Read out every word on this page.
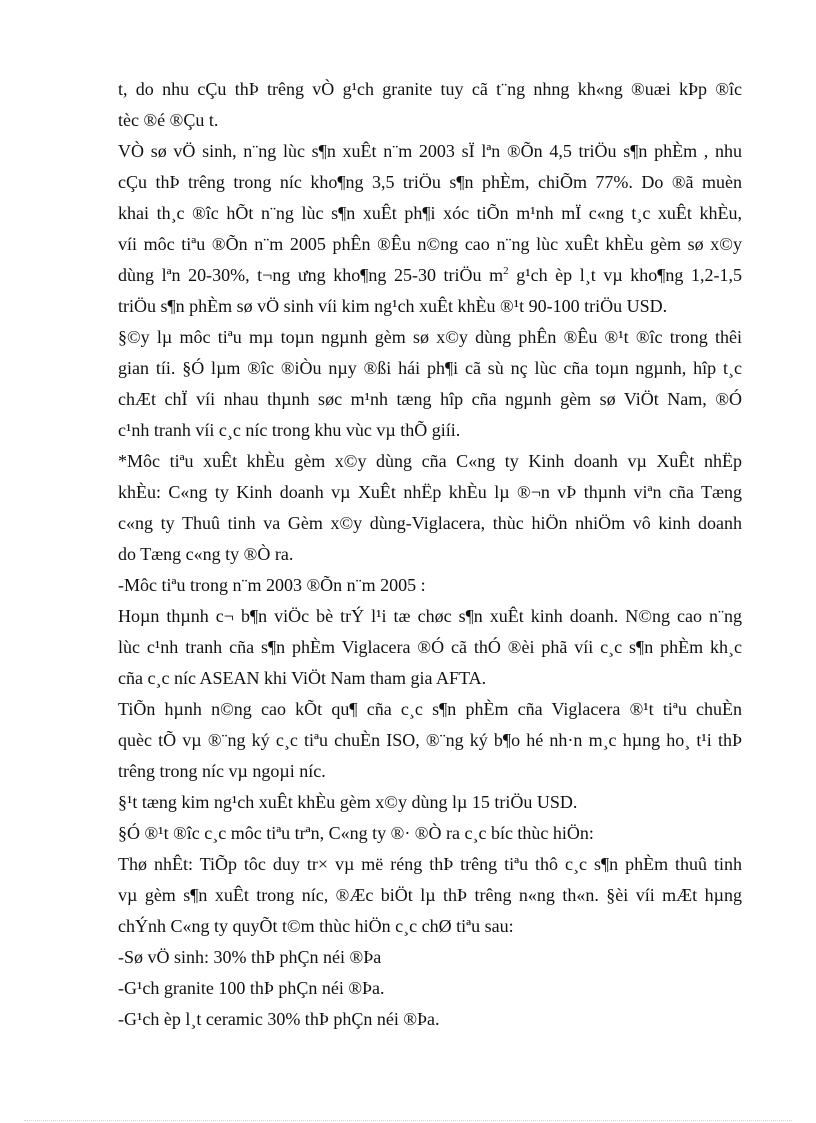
t, do nhu cÇu thÞ trêng vÒ g¹ch granite tuy cã t¨ng nhng kh«ng ®uæi kÞp ®îc

tèc ®é ®Çu t.

VÒ sø vÖ sinh, n¨ng lùc s¶n xuÊt n¨m 2003 sÏ lªn ®Õn 4,5 triÖu s¶n phÈm , nhu

cÇu thÞ trêng trong níc kho¶ng 3,5 triÖu s¶n phÈm, chiÕm 77%. Do ®ã muèn

khai th¸c ®îc hÕt n¨ng lùc s¶n xuÊt ph¶i xóc tiÕn m¹nh mÏ c«ng t¸c xuÊt khÈu,

víi môc tiªu ®Õn n¨m 2005 phÊn ®Êu n©ng cao n¨ng lùc xuÊt khÈu gèm sø x©y

dùng lªn 20-30%, t¬ng ưng kho¶ng 25-30 triÖu $m^2$ g¹ch èp l¸t vµ kho¶ng 1,2-1,5

triÖu s¶n phÈm sø vÖ sinh víi kim ng¹ch xuÊt khÈu ®¹t 90-100 triÖu USD.

§©y lµ môc tiªu mµ toµn ngµnh gèm sø x©y dùng phÊn ®Êu ®¹t ®îc trong thêi

gian tíi. §Ó lµm ®îc ®iÒu nµy ®ßi hái ph¶i cã sù nç lùc cña toµn ngµnh, hîp t¸c

chÆt chÏ víi nhau thµnh søc m¹nh tæng hîp cña ngµnh gèm sø ViÖt Nam, ®Ó

c¹nh tranh víi c¸c níc trong khu vùc vµ thÕ giíi.

*Môc tiªu xuÊt khÈu gèm x©y dùng cña C«ng ty Kinh doanh vµ XuÊt nhËp

khÈu: C«ng ty Kinh doanh vµ XuÊt nhËp khÈu lµ ®¬n vÞ thµnh viªn cña Tæng

c«ng ty Thuû tinh va Gèm x©y dùng-Viglacera, thùc hiÖn nhiÖm vô kinh doanh

do Tæng c«ng ty ®Ò ra.

-Môc tiªu trong n¨m 2003 ®Õn n¨m 2005 :

Hoµn thµnh c¬ b¶n viÖc bè trÝ l¹i tæ chøc s¶n xuÊt kinh doanh. N©ng cao n¨ng

lùc c¹nh tranh cña s¶n phÈm Viglacera ®Ó cã thÓ ®èi phã víi c¸c s¶n phÈm kh¸c

cña c¸c níc ASEAN khi ViÖt Nam tham gia AFTA.

TiÕn hµnh n©ng cao kÕt qu¶ cña c¸c s¶n phÈm cña Viglacera ®¹t tiªu chuÈn

quèc tÕ vµ ®¨ng ký c¸c tiªu chuÈn ISO, ®¨ng ký b¶o hé nh·n m¸c hµng ho¸ t¹i thÞ

trêng trong níc vµ ngoµi níc.

§¹t tæng kim ng¹ch xuÊt khÈu gèm x©y dùng lµ 15 triÖu USD.

§Ó ®¹t ®îc c¸c môc tiªu trªn, C«ng ty ®· ®Ò ra c¸c bíc thùc hiÖn:

Thø nhÊt: TiÕp tôc duy tr× vµ më réng thÞ trêng tiªu thô c¸c s¶n phÈm thuû tinh

vµ gèm s¶n xuÊt trong níc, ®Æc biÖt lµ thÞ trêng n«ng th«n. §èi víi mÆt hµng

chÝnh C«ng ty quyÕt t©m thùc hiÖn c¸c chØ tiªu sau:

-Sø vÖ sinh: 30% thÞ phÇn néi ®Þa

-G¹ch granite 100 thÞ phÇn néi ®Þa.

-G¹ch èp l¸t ceramic 30% thÞ phÇn néi ®Þa.
